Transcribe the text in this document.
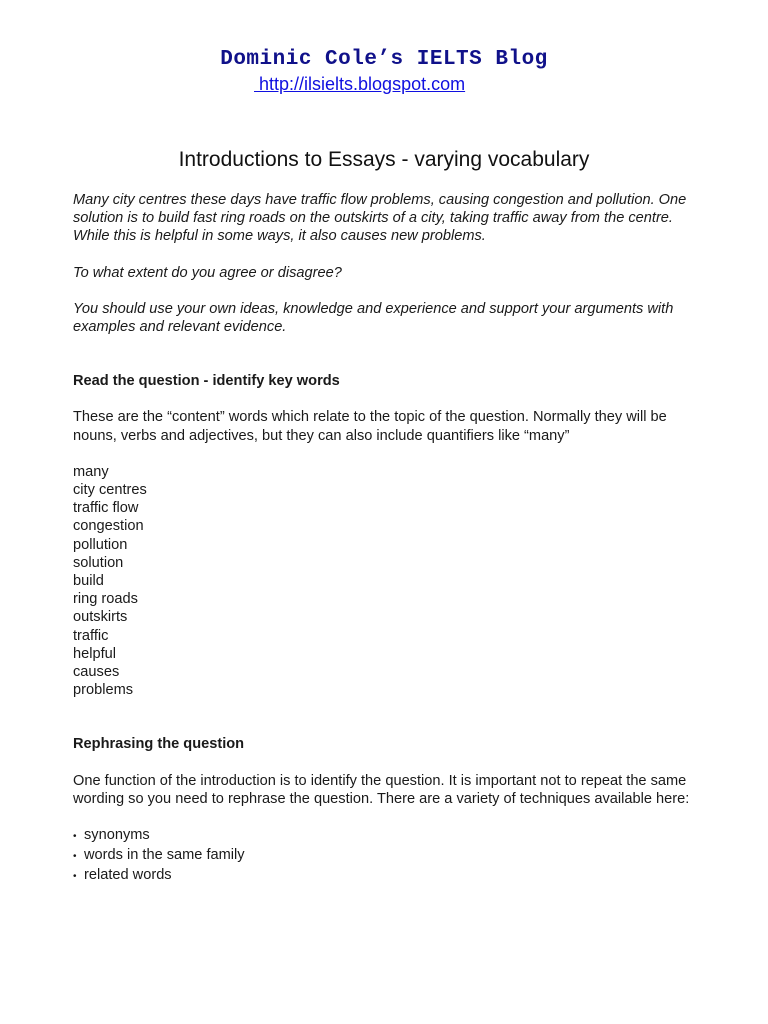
Dominic Cole’s IELTS Blog
http://ilsielts.blogspot.com
Introductions to Essays - varying vocabulary

Many city centres these days have traffic flow problems, causing congestion and pollution. One solution is to build fast ring roads on the outskirts of a city, taking traffic away from the centre. While this is helpful in some ways, it also causes new problems.

To what extent do you agree or disagree?

You should use your own ideas, knowledge and experience and support your arguments with examples and relevant evidence.

Read the question - identify key words

These are the “content” words which relate to the topic of the question. Normally they will be nouns, verbs and adjectives, but they can also include quantifiers like “many”

many
city centres
traffic flow
congestion
pollution
solution
build
ring roads
outskirts
traffic
helpful
causes
problems

Rephrasing the question

One function of the introduction is to identify the question. It is important not to repeat the same wording so you need to rephrase the question. There are a variety of techniques available here:

• synonyms
• words in the same family
• related words
